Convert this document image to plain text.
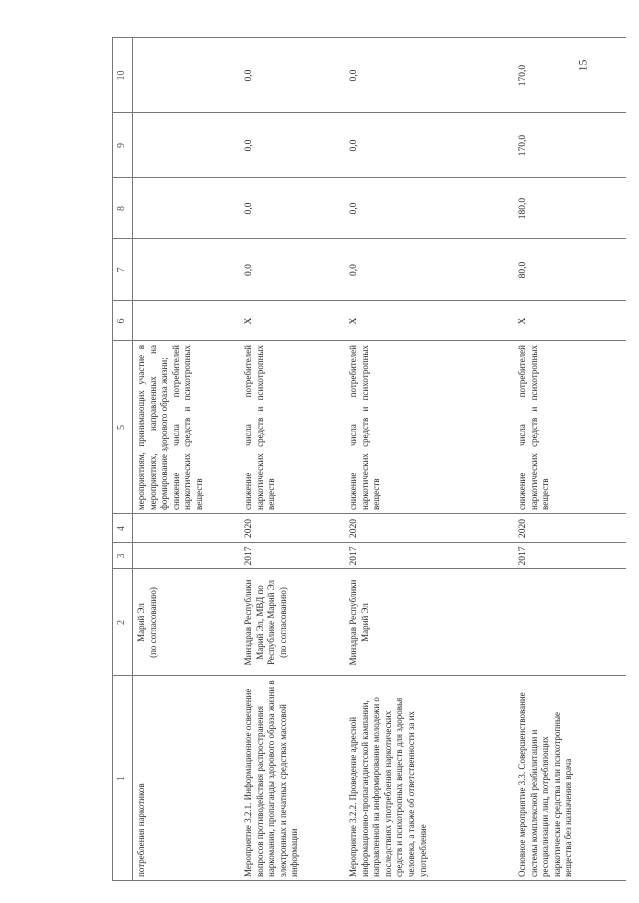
15
1
2
3
4
5
6
7
8
9
10
потребления наркотиков
Марий Эл
(по согласованию)
мероприятиям, принимающих участие в мероприятиях, направленных на формирование здорового образа жизни;
снижение числа потребителей наркотических средств и психотропных веществ
Мероприятие 3.2.1. Информационное освещение вопросов противодействия распространения наркомании, пропаганды здорового образа жизни в электронных и печатных средствах массовой информации
Минздрав Республики Марий Эл, МВД по Республике Марий Эл
(по согласованию)
2017
2020
снижение числа потребителей наркотических средств и психотропных веществ
X
0,0
0,0
0,0
0,0
Мероприятие 3.2.2. Проведение адресной информационно-пропагандистской кампании, направленной на информирование молодежи о последствиях употребления наркотических средств и психотропных веществ для здоровья человека, а также об ответственности за их употребление
Минздрав Республики Марий Эл
2017
2020
снижение числа потребителей наркотических средств и психотропных веществ
X
0,0
0,0
0,0
0,0
Основное мероприятие 3.3. Совершенствование системы комплексной реабилитации и ресоциализации лиц, потребляющих наркотические средства или психотропные вещества без назначения врача
2017
2020
снижение числа потребителей наркотических средств и психотропных веществ
X
80,0
180,0
170,0
170,0
